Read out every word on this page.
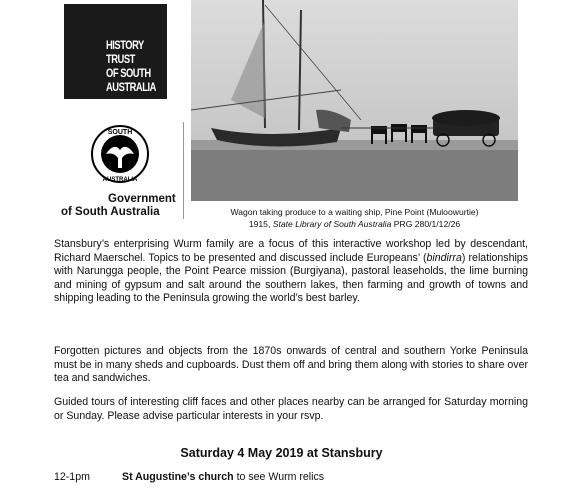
HISTORY
TRUST
OF SOUTH
AUSTRALIA
SOUTH
AUSTRALIA
Government
of South Australia	Wagon taking produce to a waiting ship, Pine Point (Muloowurtie)
1915, State Library of South Australia PRG 280/1/12/26
Stansbury’s enterprising Wurm family are a focus of this interactive workshop led by descendant, Richard Maerschel. Topics to be presented and discussed include Europeans’ (bindirra) relationships with Narungga people, the Point Pearce mission (Burgiyana), pastoral leaseholds, the lime burning and mining of gypsum and salt around the southern lakes, then farming and growth of towns and shipping leading to the Peninsula growing the world’s best barley.
Forgotten pictures and objects from the 1870s onwards of central and southern Yorke Peninsula must be in many sheds and cupboards. Dust them off and bring them along with stories to share over tea and sandwiches.
Guided tours of interesting cliff faces and other places nearby can be arranged for Saturday morning or Sunday. Please advise particular interests in your rsvp.
Saturday 4 May 2019 at Stansbury
12-1pm	St Augustine’s church to see Wurm relics
